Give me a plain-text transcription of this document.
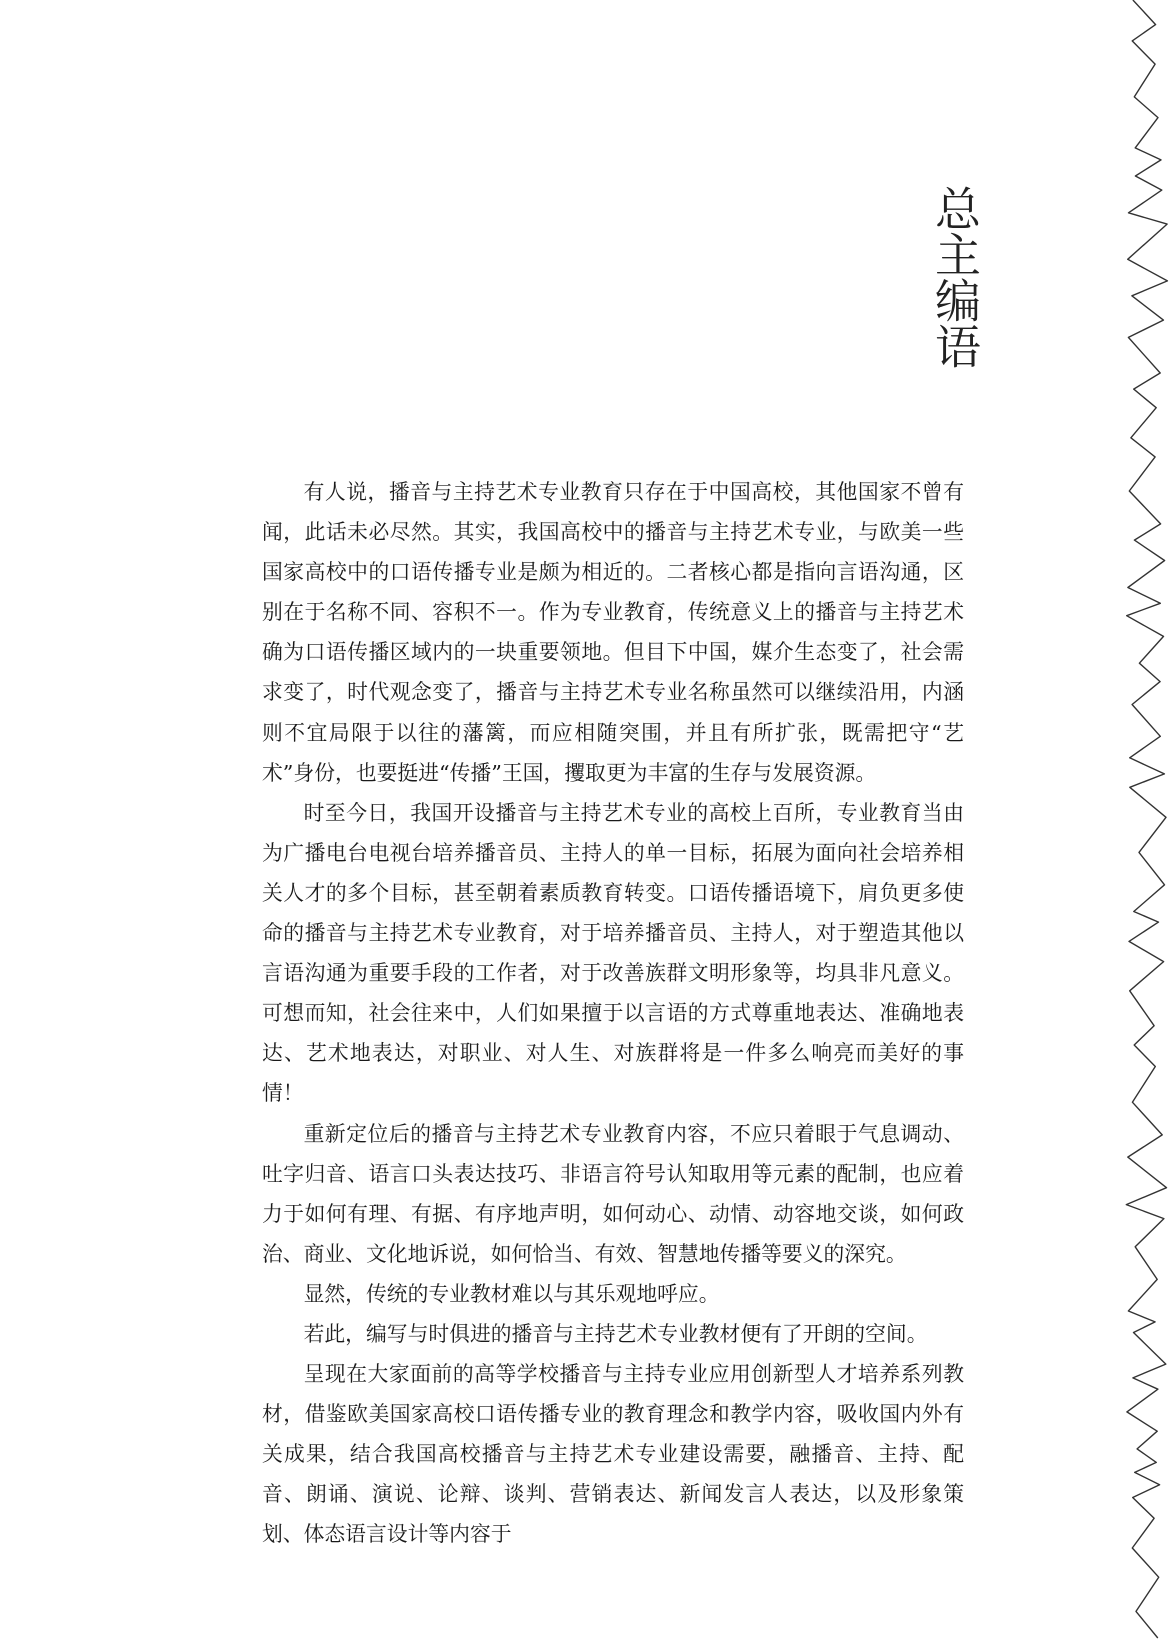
总主编语

有人说，播音与主持艺术专业教育只存在于中国高校，其他国家不曾有闻，此话未必尽然。其实，我国高校中的播音与主持艺术专业，与欧美一些国家高校中的口语传播专业是颇为相近的。二者核心都是指向言语沟通，区别在于名称不同、容积不一。作为专业教育，传统意义上的播音与主持艺术确为口语传播区域内的一块重要领地。但目下中国，媒介生态变了，社会需求变了，时代观念变了，播音与主持艺术专业名称虽然可以继续沿用，内涵则不宜局限于以往的藩篱，而应相随突围，并且有所扩张，既需把守“艺术”身份，也要挺进“传播”王国，攫取更为丰富的生存与发展资源。

时至今日，我国开设播音与主持艺术专业的高校上百所，专业教育当由为广播电台电视台培养播音员、主持人的单一目标，拓展为面向社会培养相关人才的多个目标，甚至朝着素质教育转变。口语传播语境下，肩负更多使命的播音与主持艺术专业教育，对于培养播音员、主持人，对于塑造其他以言语沟通为重要手段的工作者，对于改善族群文明形象等，均具非凡意义。可想而知，社会往来中，人们如果擅于以言语的方式尊重地表达、准确地表达、艺术地表达，对职业、对人生、对族群将是一件多么响亮而美好的事情！

重新定位后的播音与主持艺术专业教育内容，不应只着眼于气息调动、吐字归音、语言口头表达技巧、非语言符号认知取用等元素的配制，也应着力于如何有理、有据、有序地声明，如何动心、动情、动容地交谈，如何政治、商业、文化地诉说，如何恰当、有效、智慧地传播等要义的深究。

显然，传统的专业教材难以与其乐观地呼应。

若此，编写与时俱进的播音与主持艺术专业教材便有了开朗的空间。

呈现在大家面前的高等学校播音与主持专业应用创新型人才培养系列教材，借鉴欧美国家高校口语传播专业的教育理念和教学内容，吸收国内外有关成果，结合我国高校播音与主持艺术专业建设需要，融播音、主持、配音、朗诵、演说、论辩、谈判、营销表达、新闻发言人表达，以及形象策划、体态语言设计等内容于
